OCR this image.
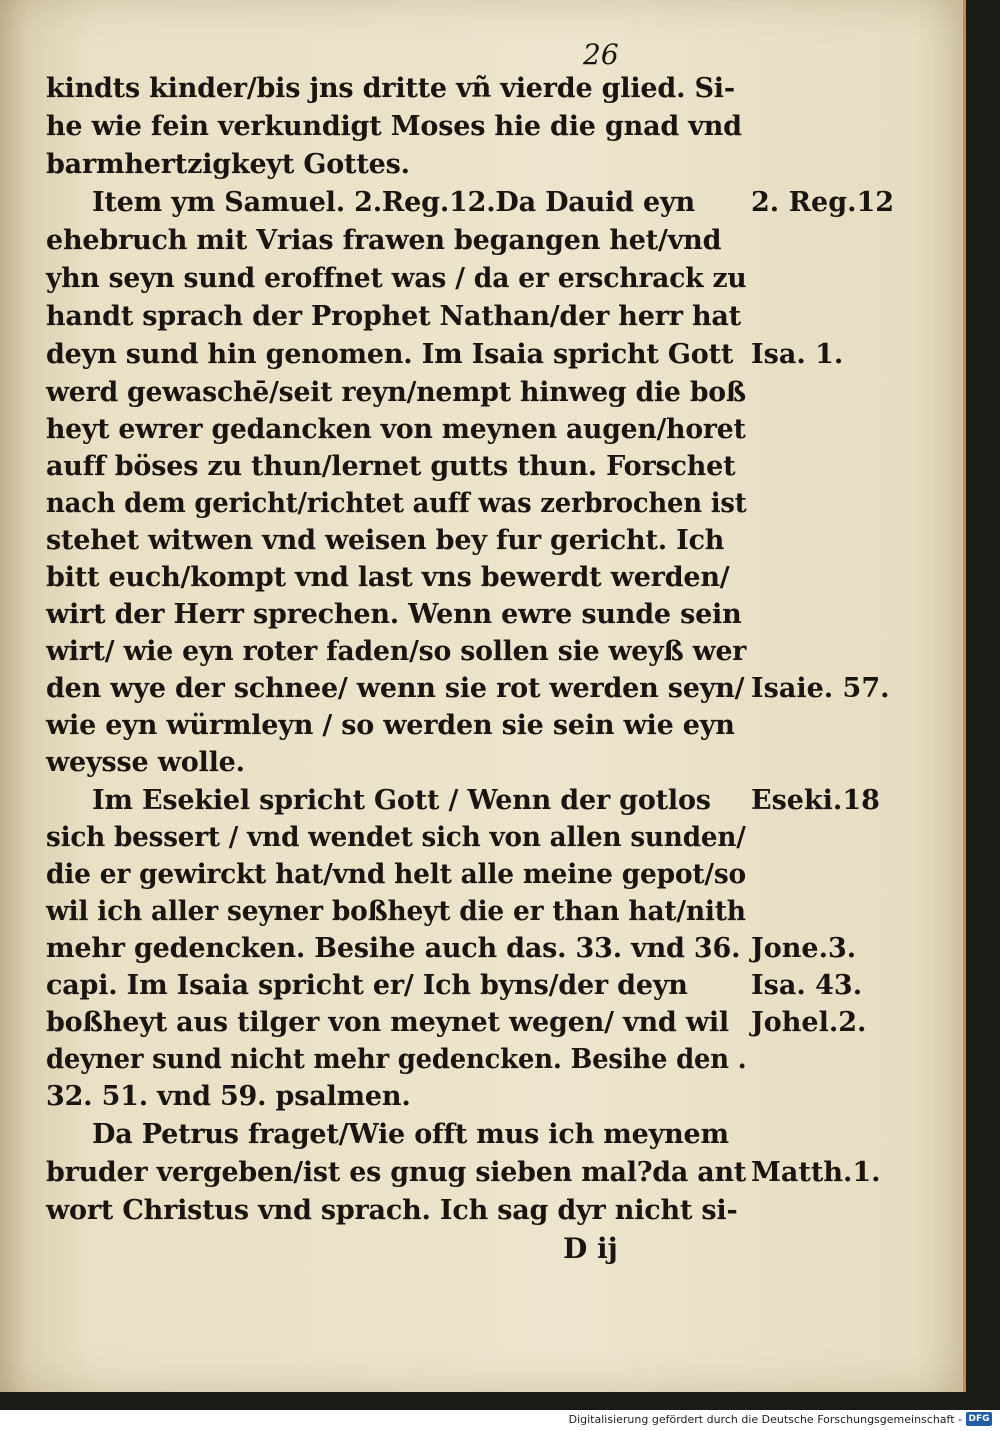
26
kindts kinder/bis jns dritte vñ vierde glied. Si-
he wie fein verkundigt Moses hie die gnad vnd
barmhertzigkeyt Gottes.
Item ym Samuel. 2.Reg.12.Da Dauid eyn
ehebruch mit Vrias frawen begangen het/vnd
yhn seyn sund eroffnet was / da er erschrack zu
handt sprach der Prophet Nathan/der herr hat
deyn sund hin genomen. Im Isaia spricht Gott
werd gewaschē/seit reyn/nempt hinweg die boß
heyt ewrer gedancken von meynen augen/horet
auff böses zu thun/lernet gutts thun. Forschet
nach dem gericht/richtet auff was zerbrochen ist
stehet witwen vnd weisen bey fur gericht. Ich
bitt euch/kompt vnd last vns bewerdt werden/
wirt der Herr sprechen. Wenn ewre sunde sein
wirt/ wie eyn roter faden/so sollen sie weyß wer
den wye der schnee/ wenn sie rot werden seyn/
wie eyn würmleyn / so werden sie sein wie eyn
weysse wolle.
Im Esekiel spricht Gott / Wenn der gotlos
sich bessert / vnd wendet sich von allen sunden/
die er gewirckt hat/vnd helt alle meine gepot/so
wil ich aller seyner boßheyt die er than hat/nith
mehr gedencken. Besihe auch das. 33. vnd 36.
capi. Im Isaia spricht er/ Ich byns/der deyn
boßheyt aus tilger von meynet wegen/ vnd wil
deyner sund nicht mehr gedencken. Besihe den .
32. 51. vnd 59. psalmen.
Da Petrus fraget/Wie offt mus ich meynem
bruder vergeben/ist es gnug sieben mal?da ant
wort Christus vnd sprach. Ich sag dyr nicht si-
2. Reg.12
Isa. 1.
Isaie. 57.
Eseki.18
Jone.3.
Isa. 43.
Johel.2.
Matth.1.
D ij
Digitalisierung gefördert durch die Deutsche Forschungsgemeinschaft - DFG
